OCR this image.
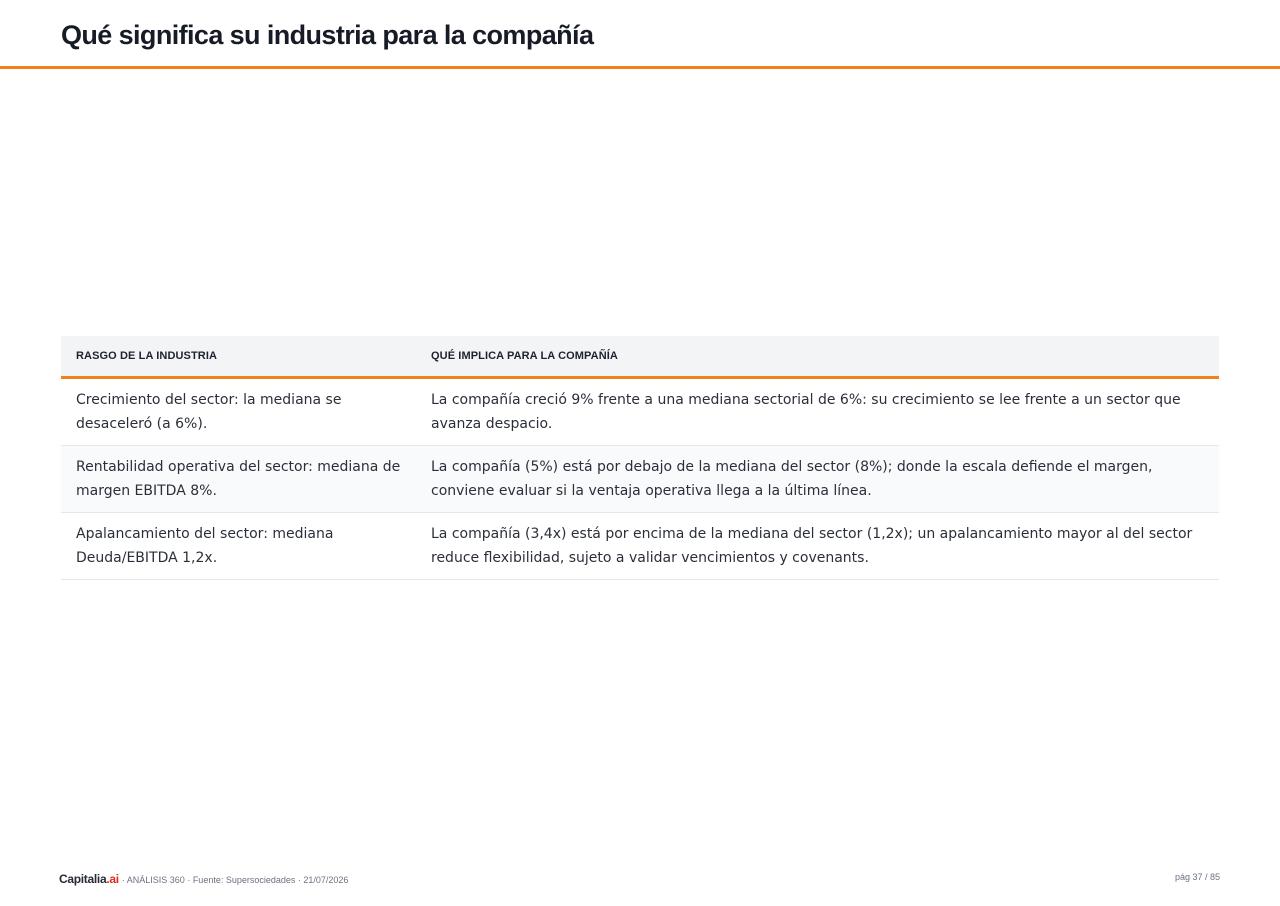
Qué significa su industria para la compañía
RASGO DE LA INDUSTRIA	QUÉ IMPLICA PARA LA COMPAÑÍA
Crecimiento del sector: la mediana se desaceleró (a 6%).	La compañía creció 9% frente a una mediana sectorial de 6%: su crecimiento se lee frente a un sector que avanza despacio.
Rentabilidad operativa del sector: mediana de margen EBITDA 8%.	La compañía (5%) está por debajo de la mediana del sector (8%); donde la escala defiende el margen, conviene evaluar si la ventaja operativa llega a la última línea.
Apalancamiento del sector: mediana Deuda/EBITDA 1,2x.	La compañía (3,4x) está por encima de la mediana del sector (1,2x); un apalancamiento mayor al del sector reduce flexibilidad, sujeto a validar vencimientos y covenants.
Capitalia.ai · ANÁLISIS 360 · Fuente: Supersociedades · 21/07/2026	pág 37 / 85
